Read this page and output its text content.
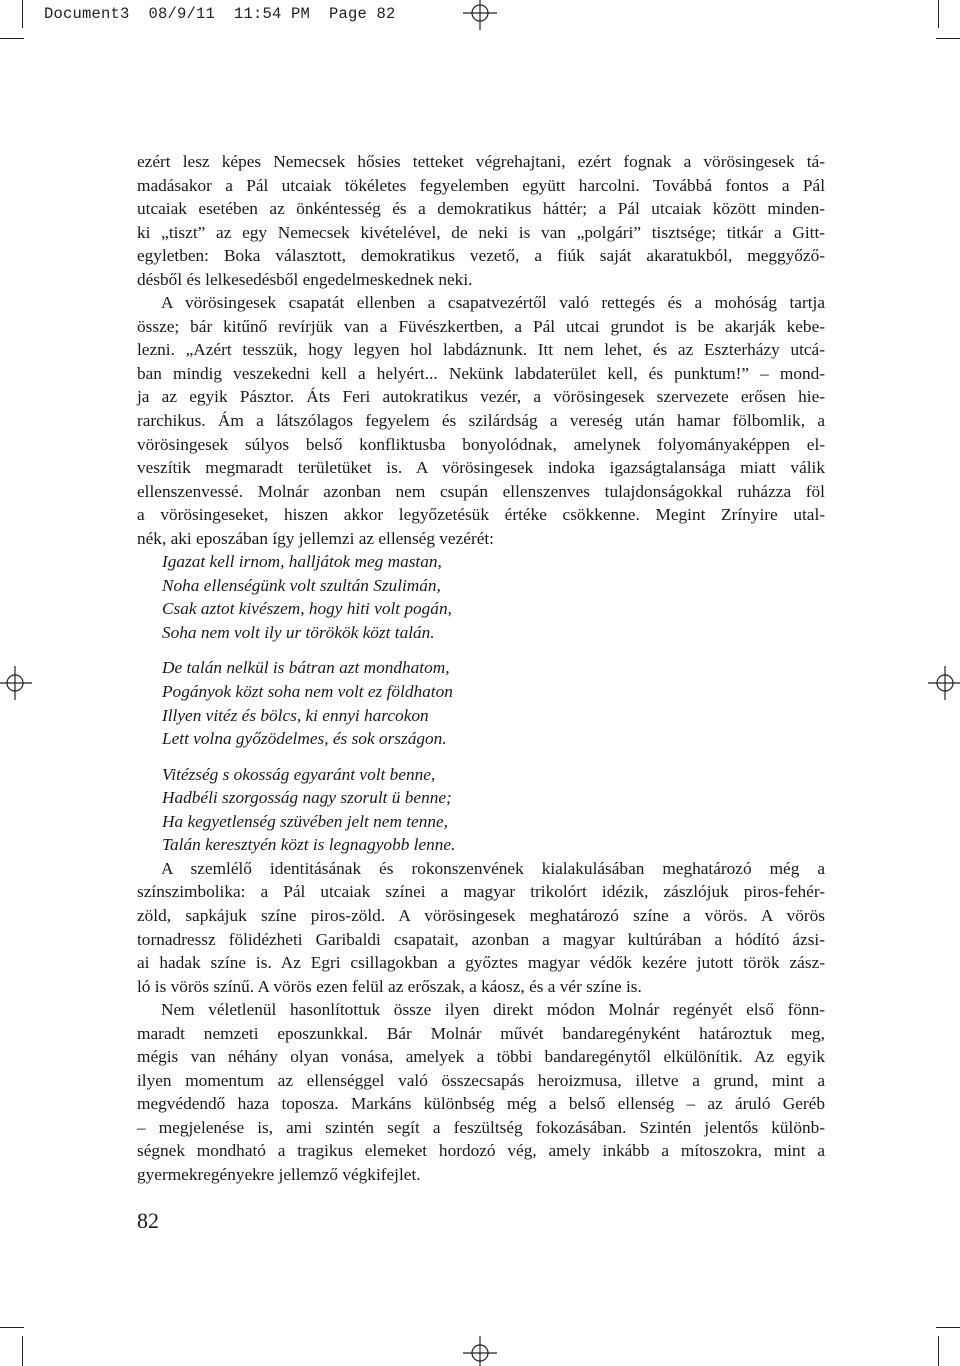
Document3  08/9/11  11:54 PM  Page 82

ezért lesz képes Nemecsek hősies tetteket végrehajtani, ezért fognak a vörösingesek tá-

madásakor a Pál utcaiak tökéletes fegyelemben együtt harcolni. Továbbá fontos a Pál

utcaiak esetében az önkéntesség és a demokratikus háttér; a Pál utcaiak között minden-

ki „tiszt” az egy Nemecsek kivételével, de neki is van „polgári” tisztsége; titkár a Gitt-

egyletben: Boka választott, demokratikus vezető, a fiúk saját akaratukból, meggyőző-

désből és lelkesedésből engedelmeskednek neki.

A vörösingesek csapatát ellenben a csapatvezértől való rettegés és a mohóság tartja

össze; bár kitűnő revírjük van a Füvészkertben, a Pál utcai grundot is be akarják kebe-

lezni. „Azért tesszük, hogy legyen hol labdáznunk. Itt nem lehet, és az Eszterházy utcá-

ban mindig veszekedni kell a helyért... Nekünk labdaterület kell, és punktum!” – mond-

ja az egyik Pásztor. Áts Feri autokratikus vezér, a vörösingesek szervezete erősen hie-

rarchikus. Ám a látszólagos fegyelem és szilárdság a vereség után hamar fölbomlik, a

vörösingesek súlyos belső konfliktusba bonyolódnak, amelynek folyományaképpen el-

veszítik megmaradt területüket is. A vörösingesek indoka igazságtalansága miatt válik

ellenszenvessé. Molnár azonban nem csupán ellenszenves tulajdonságokkal ruházza föl

a vörösingeseket, hiszen akkor legyőzetésük értéke csökkenne. Megint Zrínyire utal-

nék, aki eposzában így jellemzi az ellenség vezérét:

Igazat kell irnom, halljátok meg mastan,

Noha ellenségünk volt szultán Szulimán,

Csak aztot kivészem, hogy hiti volt pogán,

Soha nem volt ily ur törökök közt talán.

De talán nelkül is bátran azt mondhatom,

Pogányok közt soha nem volt ez földhaton

Illyen vitéz és bölcs, ki ennyi harcokon

Lett volna győzödelmes, és sok országon.

Vitézség s okosság egyaránt volt benne,

Hadbéli szorgosság nagy szorult ü benne;

Ha kegyetlenség szüvében jelt nem tenne,

Talán keresztyén közt is legnagyobb lenne.

A szemlélő identitásának és rokonszenvének kialakulásában meghatározó még a

színszimbolika: a Pál utcaiak színei a magyar trikolórt idézik, zászlójuk piros-fehér-

zöld, sapkájuk színe piros-zöld. A vörösingesek meghatározó színe a vörös. A vörös

tornadressz fölidézheti Garibaldi csapatait, azonban a magyar kultúrában a hódító ázsi-

ai hadak színe is. Az Egri csillagokban a győztes magyar védők kezére jutott török zász-

ló is vörös színű. A vörös ezen felül az erőszak, a káosz, és a vér színe is.

Nem véletlenül hasonlítottuk össze ilyen direkt módon Molnár regényét első fönn-

maradt nemzeti eposzunkkal. Bár Molnár művét bandaregényként határoztuk meg,

mégis van néhány olyan vonása, amelyek a többi bandaregénytől elkülönítik. Az egyik

ilyen momentum az ellenséggel való összecsapás heroizmusa, illetve a grund, mint a

megvédendő haza toposza. Markáns különbség még a belső ellenség – az áruló Geréb

– megjelenése is, ami szintén segít a feszültség fokozásában. Szintén jelentős különb-

ségnek mondható a tragikus elemeket hordozó vég, amely inkább a mítoszokra, mint a

gyermekregényekre jellemző végkifejlet.

82
